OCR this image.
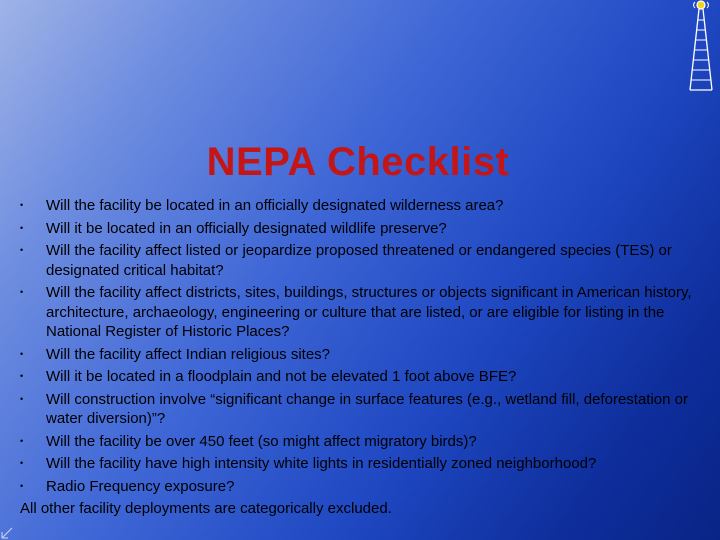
NEPA Checklist
• Will the facility be located in an officially designated wilderness area?
• Will it be located in an officially designated wildlife preserve?
• Will the facility affect listed or jeopardize proposed threatened or endangered species (TES) or designated critical habitat?
• Will the facility affect districts, sites, buildings, structures or objects significant in American history, architecture, archaeology, engineering or culture that are listed, or are eligible for listing in the National Register of Historic Places?
• Will the facility affect Indian religious sites?
• Will it be located in a floodplain and not be elevated 1 foot above BFE?
• Will construction involve “significant change in surface features (e.g., wetland fill, deforestation or water diversion)”?
• Will the facility be over 450 feet (so might affect migratory birds)?
• Will the facility have high intensity white lights in residentially zoned neighborhood?
• Radio Frequency exposure?
All other facility deployments are categorically excluded.
